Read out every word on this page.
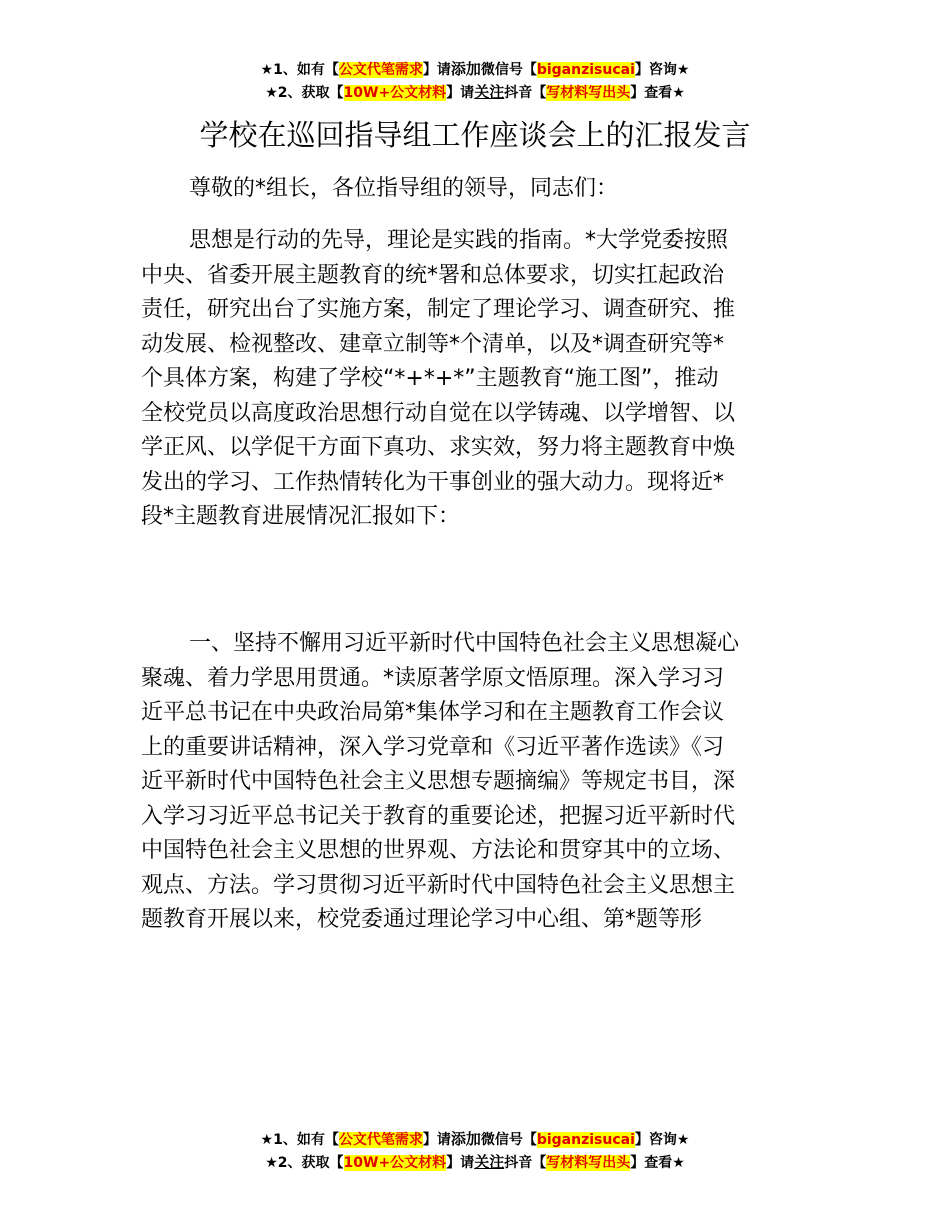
★1、如有【公文代笔需求】请添加微信号【biganzisucai】咨询★
★2、获取【10W+公文材料】请关注抖音【写材料写出头】查看★
学校在巡回指导组工作座谈会上的汇报发言
尊敬的*组长，各位指导组的领导，同志们：
思想是行动的先导，理论是实践的指南。*大学党委按照
中央、省委开展主题教育的统*署和总体要求，切实扛起政治
责任，研究出台了实施方案，制定了理论学习、调查研究、推
动发展、检视整改、建章立制等*个清单，以及*调查研究等*
个具体方案，构建了学校“*+*+*”主题教育“施工图”，推动
全校党员以高度政治思想行动自觉在以学铸魂、以学增智、以
学正风、以学促干方面下真功、求实效，努力将主题教育中焕
发出的学习、工作热情转化为干事创业的强大动力。现将近*
段*主题教育进展情况汇报如下：
一、坚持不懈用习近平新时代中国特色社会主义思想凝心
聚魂、着力学思用贯通。*读原著学原文悟原理。深入学习习
近平总书记在中央政治局第*集体学习和在主题教育工作会议
上的重要讲话精神，深入学习党章和《习近平著作选读》《习
近平新时代中国特色社会主义思想专题摘编》等规定书目，深
入学习习近平总书记关于教育的重要论述，把握习近平新时代
中国特色社会主义思想的世界观、方法论和贯穿其中的立场、
观点、方法。学习贯彻习近平新时代中国特色社会主义思想主
题教育开展以来，校党委通过理论学习中心组、第*题等形
★1、如有【公文代笔需求】请添加微信号【biganzisucai】咨询★
★2、获取【10W+公文材料】请关注抖音【写材料写出头】查看★
